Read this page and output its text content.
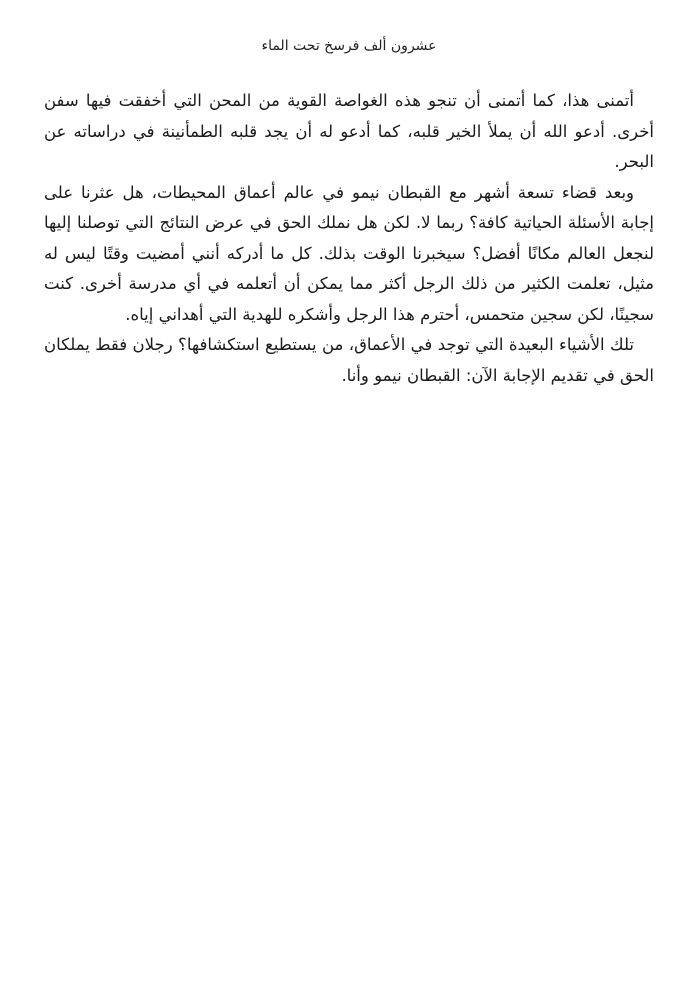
عشرون ألف فرسخ تحت الماء

أتمنى هذا، كما أتمنى أن تنجو هذه الغواصة القوية من المحن التي أخفقت فيها سفن أخرى. أدعو الله أن يملأ الخير قلبه، كما أدعو له أن يجد قلبه الطمأنينة في دراساته عن البحر.

وبعد قضاء تسعة أشهر مع القبطان نيمو في عالم أعماق المحيطات، هل عثرنا على إجابة الأسئلة الحياتية كافة؟ ربما لا. لكن هل نملك الحق في عرض النتائج التي توصلنا إليها لنجعل العالم مكانًا أفضل؟ سيخبرنا الوقت بذلك. كل ما أدركه أنني أمضيت وقتًا ليس له مثيل، تعلمت الكثير من ذلك الرجل أكثر مما يمكن أن أتعلمه في أي مدرسة أخرى. كنت سجينًا، لكن سجين متحمس، أحترم هذا الرجل وأشكره للهدية التي أهداني إياه.

تلك الأشياء البعيدة التي توجد في الأعماق، من يستطيع استكشافها؟ رجلان فقط يملكان الحق في تقديم الإجابة الآن: القبطان نيمو وأنا.
